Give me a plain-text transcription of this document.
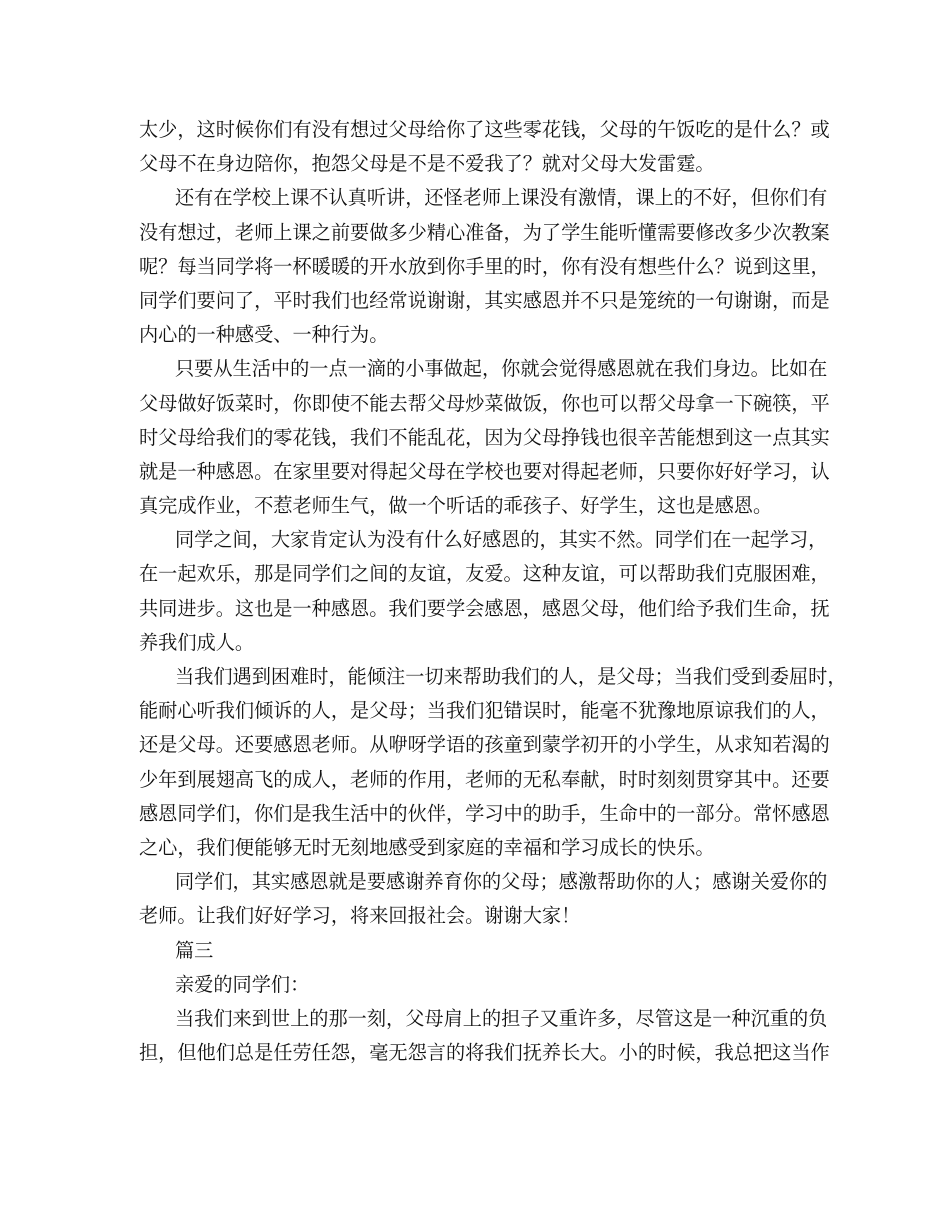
太少，这时候你们有没有想过父母给你了这些零花钱，父母的午饭吃的是什么？或
父母不在身边陪你，抱怨父母是不是不爱我了？就对父母大发雷霆。
还有在学校上课不认真听讲，还怪老师上课没有激情，课上的不好，但你们有
没有想过，老师上课之前要做多少精心准备，为了学生能听懂需要修改多少次教案
呢？每当同学将一杯暖暖的开水放到你手里的时，你有没有想些什么？说到这里，
同学们要问了，平时我们也经常说谢谢，其实感恩并不只是笼统的一句谢谢，而是
内心的一种感受、一种行为。
只要从生活中的一点一滴的小事做起，你就会觉得感恩就在我们身边。比如在
父母做好饭菜时，你即使不能去帮父母炒菜做饭，你也可以帮父母拿一下碗筷，平
时父母给我们的零花钱，我们不能乱花，因为父母挣钱也很辛苦能想到这一点其实
就是一种感恩。在家里要对得起父母在学校也要对得起老师，只要你好好学习，认
真完成作业，不惹老师生气，做一个听话的乖孩子、好学生，这也是感恩。
同学之间，大家肯定认为没有什么好感恩的，其实不然。同学们在一起学习，
在一起欢乐，那是同学们之间的友谊，友爱。这种友谊，可以帮助我们克服困难，
共同进步。这也是一种感恩。我们要学会感恩，感恩父母，他们给予我们生命，抚
养我们成人。
当我们遇到困难时，能倾注一切来帮助我们的人，是父母；当我们受到委屈时，
能耐心听我们倾诉的人，是父母；当我们犯错误时，能毫不犹豫地原谅我们的人，
还是父母。还要感恩老师。从咿呀学语的孩童到蒙学初开的小学生，从求知若渴的
少年到展翅高飞的成人，老师的作用，老师的无私奉献，时时刻刻贯穿其中。还要
感恩同学们，你们是我生活中的伙伴，学习中的助手，生命中的一部分。常怀感恩
之心，我们便能够无时无刻地感受到家庭的幸福和学习成长的快乐。
同学们，其实感恩就是要感谢养育你的父母；感激帮助你的人；感谢关爱你的
老师。让我们好好学习，将来回报社会。谢谢大家！
篇三
亲爱的同学们：
当我们来到世上的那一刻，父母肩上的担子又重许多，尽管这是一种沉重的负
担，但他们总是任劳任怨，毫无怨言的将我们抚养长大。小的时候，我总把这当作
